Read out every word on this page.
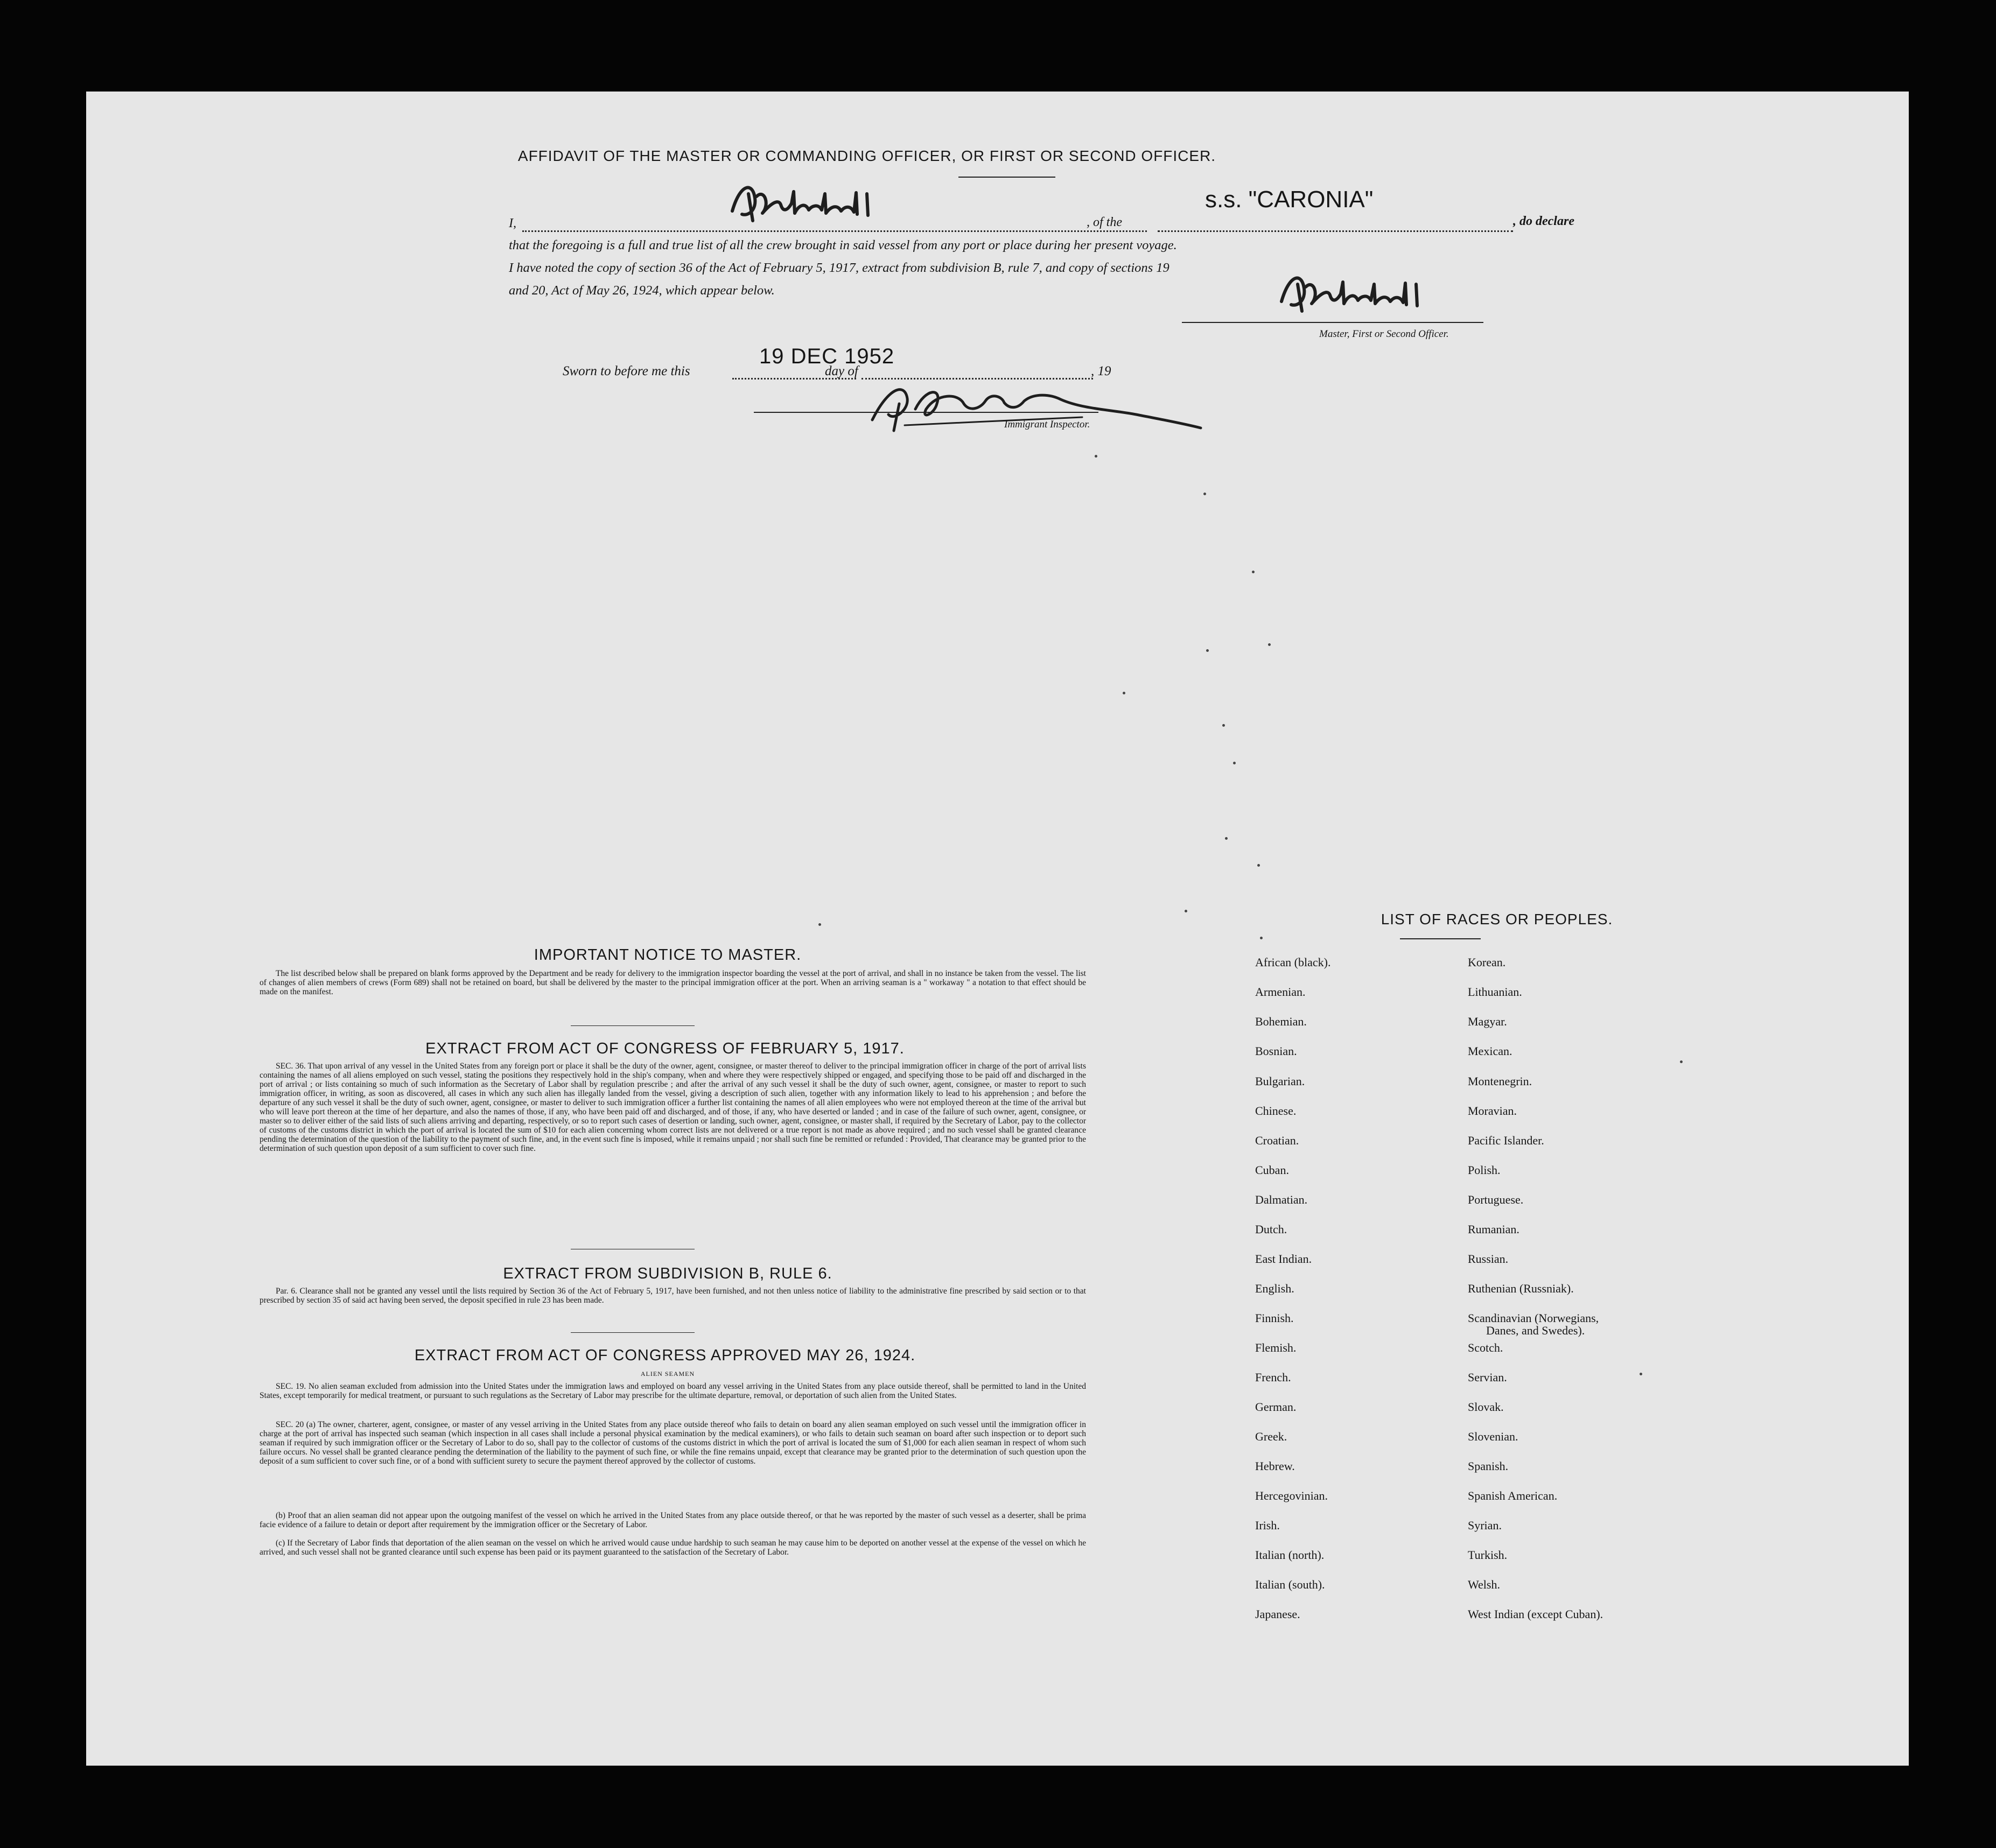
AFFIDAVIT OF THE MASTER OR COMMANDING OFFICER, OR FIRST OR SECOND OFFICER.
I,	, of the
s.s. "CARONIA"
, do declare
that the foregoing is a full and true list of all the crew brought in said vessel from any port or place during her present voyage.
I have noted the copy of section 36 of the Act of February 5, 1917, extract from subdivision B, rule 7, and copy of sections 19
and 20, Act of May 26, 1924, which appear below.
Master, First or Second Officer.
Sworn to before me this
19 DEC 1952
day of	, 19
Immigrant Inspector.
IMPORTANT NOTICE TO MASTER.
The list described below shall be prepared on blank forms approved by the Department and be ready for delivery to the immigration inspector boarding the vessel at the port of arrival, and shall in no instance be taken from the vessel. The list of changes of alien members of crews (Form 689) shall not be retained on board, but shall be delivered by the master to the principal immigration officer at the port. When an arriving seaman is a " workaway " a notation to that effect should be made on the manifest.
EXTRACT FROM ACT OF CONGRESS OF FEBRUARY 5, 1917.
SEC. 36. That upon arrival of any vessel in the United States from any foreign port or place it shall be the duty of the owner, agent, consignee, or master thereof to deliver to the principal immigration officer in charge of the port of arrival lists containing the names of all aliens employed on such vessel, stating the positions they respectively hold in the ship's company, when and where they were respectively shipped or engaged, and specifying those to be paid off and discharged in the port of arrival ; or lists containing so much of such information as the Secretary of Labor shall by regulation prescribe ; and after the arrival of any such vessel it shall be the duty of such owner, agent, consignee, or master to report to such immigration officer, in writing, as soon as discovered, all cases in which any such alien has illegally landed from the vessel, giving a description of such alien, together with any information likely to lead to his apprehension ; and before the departure of any such vessel it shall be the duty of such owner, agent, consignee, or master to deliver to such immigration officer a further list containing the names of all alien employees who were not employed thereon at the time of the arrival but who will leave port thereon at the time of her departure, and also the names of those, if any, who have been paid off and discharged, and of those, if any, who have deserted or landed ; and in case of the failure of such owner, agent, consignee, or master so to deliver either of the said lists of such aliens arriving and departing, respectively, or so to report such cases of desertion or landing, such owner, agent, consignee, or master shall, if required by the Secretary of Labor, pay to the collector of customs of the customs district in which the port of arrival is located the sum of $10 for each alien concerning whom correct lists are not delivered or a true report is not made as above required ; and no such vessel shall be granted clearance pending the determination of the question of the liability to the payment of such fine, and, in the event such fine is imposed, while it remains unpaid ; nor shall such fine be remitted or refunded : Provided, That clearance may be granted prior to the determination of such question upon deposit of a sum sufficient to cover such fine.
EXTRACT FROM SUBDIVISION B, RULE 6.
Par. 6. Clearance shall not be granted any vessel until the lists required by Section 36 of the Act of February 5, 1917, have been furnished, and not then unless notice of liability to the administrative fine prescribed by said section or to that prescribed by section 35 of said act having been served, the deposit specified in rule 23 has been made.
EXTRACT FROM ACT OF CONGRESS APPROVED MAY 26, 1924.
ALIEN SEAMEN
SEC. 19. No alien seaman excluded from admission into the United States under the immigration laws and employed on board any vessel arriving in the United States from any place outside thereof, shall be permitted to land in the United States, except temporarily for medical treatment, or pursuant to such regulations as the Secretary of Labor may prescribe for the ultimate departure, removal, or deportation of such alien from the United States.
SEC. 20 (a) The owner, charterer, agent, consignee, or master of any vessel arriving in the United States from any place outside thereof who fails to detain on board any alien seaman employed on such vessel until the immigration officer in charge at the port of arrival has inspected such seaman (which inspection in all cases shall include a personal physical examination by the medical examiners), or who fails to detain such seaman on board after such inspection or to deport such seaman if required by such immigration officer or the Secretary of Labor to do so, shall pay to the collector of customs of the customs district in which the port of arrival is located the sum of $1,000 for each alien seaman in respect of whom such failure occurs. No vessel shall be granted clearance pending the determination of the liability to the payment of such fine, or while the fine remains unpaid, except that clearance may be granted prior to the determination of such question upon the deposit of a sum sufficient to cover such fine, or of a bond with sufficient surety to secure the payment thereof approved by the collector of customs.
(b) Proof that an alien seaman did not appear upon the outgoing manifest of the vessel on which he arrived in the United States from any place outside thereof, or that he was reported by the master of such vessel as a deserter, shall be prima facie evidence of a failure to detain or deport after requirement by the immigration officer or the Secretary of Labor.
(c) If the Secretary of Labor finds that deportation of the alien seaman on the vessel on which he arrived would cause undue hardship to such seaman he may cause him to be deported on another vessel at the expense of the vessel on which he arrived, and such vessel shall not be granted clearance until such expense has been paid or its payment guaranteed to the satisfaction of the Secretary of Labor.
LIST OF RACES OR PEOPLES.
African (black).
Armenian.
Bohemian.
Bosnian.
Bulgarian.
Chinese.
Croatian.
Cuban.
Dalmatian.
Dutch.
East Indian.
English.
Finnish.
Flemish.
French.
German.
Greek.
Hebrew.
Hercegovinian.
Irish.
Italian (north).
Italian (south).
Japanese.
Korean.
Lithuanian.
Magyar.
Mexican.
Montenegrin.
Moravian.
Pacific Islander.
Polish.
Portuguese.
Rumanian.
Russian.
Ruthenian (Russniak).
Scandinavian (Norwegians,
Danes, and Swedes).
Scotch.
Servian.
Slovak.
Slovenian.
Spanish.
Spanish American.
Syrian.
Turkish.
Welsh.
West Indian (except Cuban).
